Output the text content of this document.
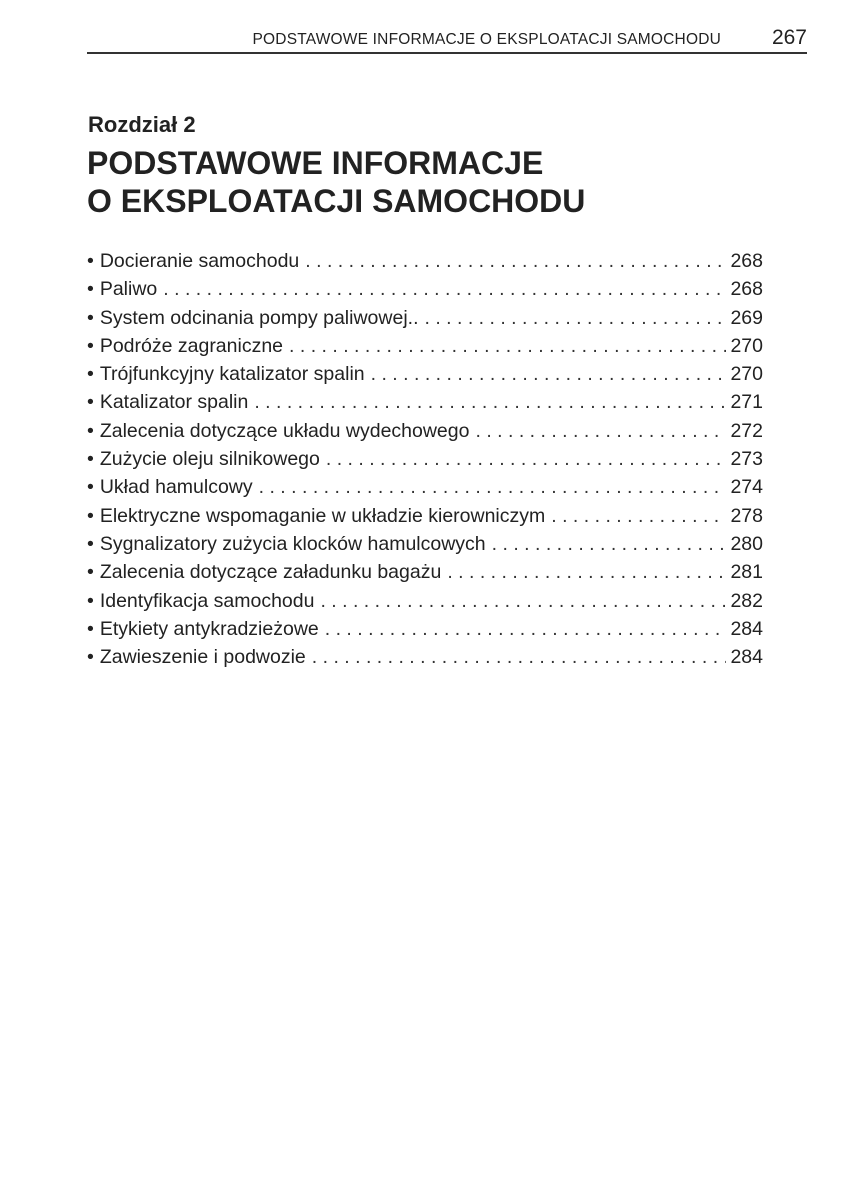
PODSTAWOWE INFORMACJE O EKSPLOATACJI SAMOCHODU 267
Rozdział 2
PODSTAWOWE INFORMACJE
O EKSPLOATACJI SAMOCHODU
• Docieranie samochodu . . .	268
• Paliwo . . .	268
• System odcinania pompy paliwowej.. . . .	269
• Podróże zagraniczne . . .	270
• Trójfunkcyjny katalizator spalin . . .	270
• Katalizator spalin . . .	271
• Zalecenia dotyczące układu wydechowego . . .	272
• Zużycie oleju silnikowego . . .	273
• Układ hamulcowy . . .	274
• Elektryczne wspomaganie w układzie kierowniczym . . .	278
• Sygnalizatory zużycia klocków hamulcowych . . .	280
• Zalecenia dotyczące załadunku bagażu . . .	281
• Identyfikacja samochodu . . .	282
• Etykiety antykradzieżowe . . .	284
• Zawieszenie i podwozie . . .	284
